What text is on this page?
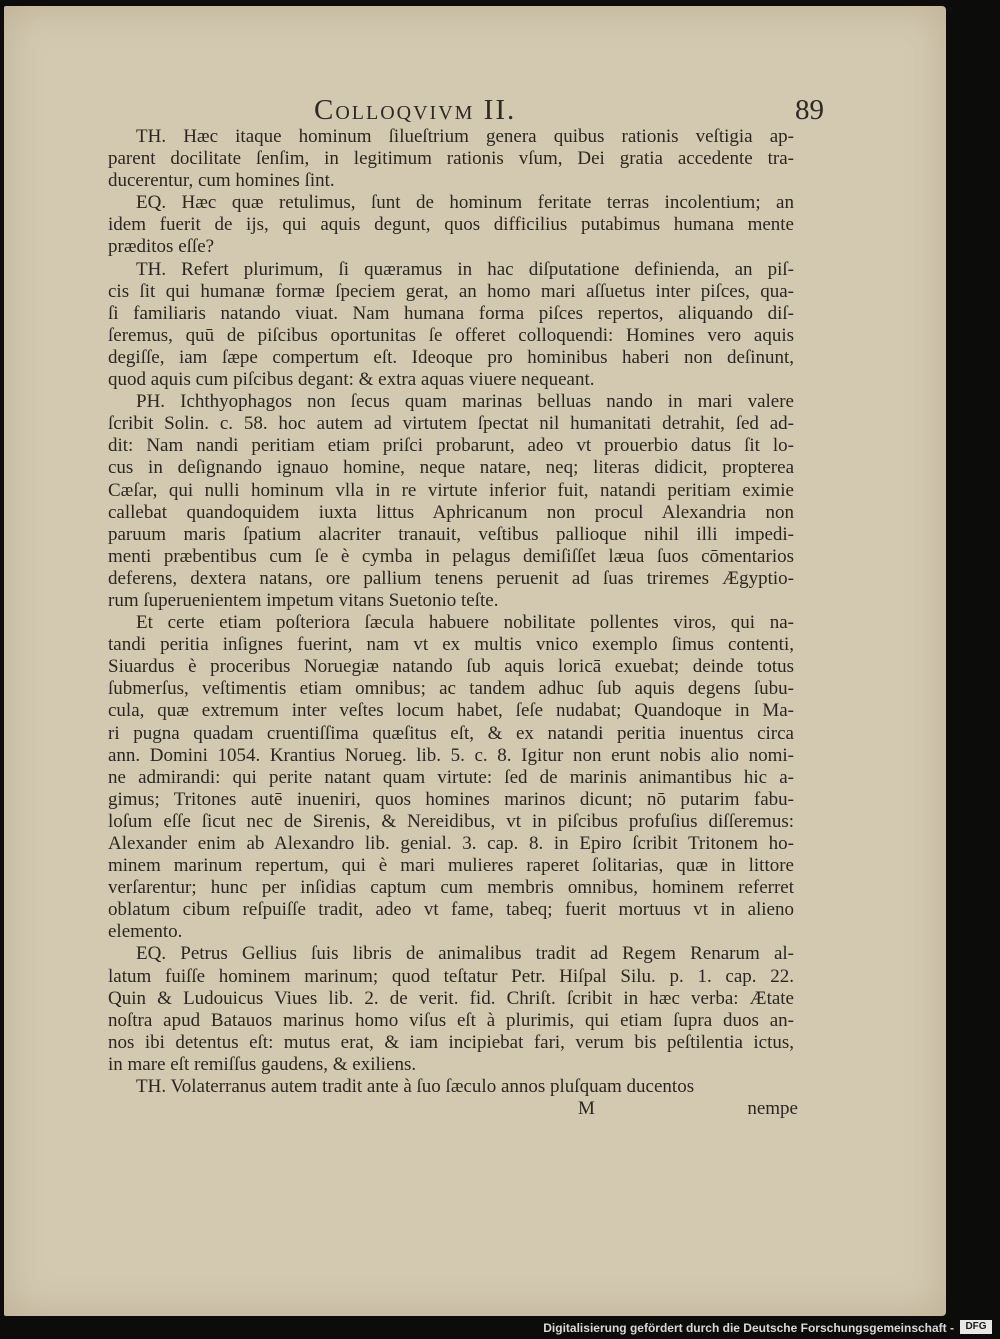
Colloqvivm II.	89
TH. Hæc itaque hominum ſilueſtrium genera quibus rationis veſtigia ap-
parent docilitate ſenſim, in legitimum rationis vſum, Dei gratia accedente tra-
ducerentur, cum homines ſint.
EQ. Hæc quæ retulimus, ſunt de hominum feritate terras incolentium; an
idem fuerit de ijs, qui aquis degunt, quos difficilius putabimus humana mente
præditos eſſe?
TH. Refert plurimum, ſi quæramus in hac diſputatione definienda, an piſ-
cis ſit qui humanæ formæ ſpeciem gerat, an homo mari aſſuetus inter piſces, qua-
ſi familiaris natando viuat. Nam humana forma piſces repertos, aliquando diſ-
ſeremus, quū de piſcibus oportunitas ſe offeret colloquendi: Homines vero aquis
degiſſe, iam ſæpe compertum eſt. Ideoque pro hominibus haberi non deſinunt,
quod aquis cum piſcibus degant: & extra aquas viuere nequeant.
PH. Ichthyophagos non ſecus quam marinas belluas nando in mari valere
ſcribit Solin. c. 58. hoc autem ad virtutem ſpectat nil humanitati detrahit, ſed ad-
dit: Nam nandi peritiam etiam priſci probarunt, adeo vt prouerbio datus ſit lo-
cus in deſignando ignauo homine, neque natare, neq; literas didicit, propterea
Cæſar, qui nulli hominum vlla in re virtute inferior fuit, natandi peritiam eximie
callebat quandoquidem iuxta littus Aphricanum non procul Alexandria non
paruum maris ſpatium alacriter tranauit, veſtibus pallioque nihil illi impedi-
menti præbentibus cum ſe è cymba in pelagus demiſiſſet læua ſuos cōmentarios
deferens, dextera natans, ore pallium tenens peruenit ad ſuas triremes Ægyptio-
rum ſuperuenientem impetum vitans Suetonio teſte.
Et certe etiam poſteriora ſæcula habuere nobilitate pollentes viros, qui na-
tandi peritia inſignes fuerint, nam vt ex multis vnico exemplo ſimus contenti,
Siuardus è proceribus Noruegiæ natando ſub aquis loricā exuebat; deinde totus
ſubmerſus, veſtimentis etiam omnibus; ac tandem adhuc ſub aquis degens ſubu-
cula, quæ extremum inter veſtes locum habet, ſeſe nudabat; Quandoque in Ma-
ri pugna quadam cruentiſſima quæſitus eſt, & ex natandi peritia inuentus circa
ann. Domini 1054. Krantius Norueg. lib. 5. c. 8. Igitur non erunt nobis alio nomi-
ne admirandi: qui perite natant quam virtute: ſed de marinis animantibus hic a-
gimus; Tritones autē inueniri, quos homines marinos dicunt; nō putarim fabu-
loſum eſſe ſicut nec de Sirenis, & Nereidibus, vt in piſcibus profuſius diſſeremus:
Alexander enim ab Alexandro lib. genial. 3. cap. 8. in Epiro ſcribit Tritonem ho-
minem marinum repertum, qui è mari mulieres raperet ſolitarias, quæ in littore
verſarentur; hunc per inſidias captum cum membris omnibus, hominem referret
oblatum cibum reſpuiſſe tradit, adeo vt fame, tabeq; fuerit mortuus vt in alieno
elemento.
EQ. Petrus Gellius ſuis libris de animalibus tradit ad Regem Renarum al-
latum fuiſſe hominem marinum; quod teſtatur Petr. Hiſpal Silu. p. 1. cap. 22.
Quin & Ludouicus Viues lib. 2. de verit. fid. Chriſt. ſcribit in hæc verba: Ætate
noſtra apud Batauos marinus homo viſus eſt à plurimis, qui etiam ſupra duos an-
nos ibi detentus eſt: mutus erat, & iam incipiebat fari, verum bis peſtilentia ictus,
in mare eſt remiſſus gaudens, & exiliens.
TH. Volaterranus autem tradit ante à ſuo ſæculo annos pluſquam ducentos
M	nempe
Digitalisierung gefördert durch die Deutsche Forschungsgemeinschaft -	DFG
